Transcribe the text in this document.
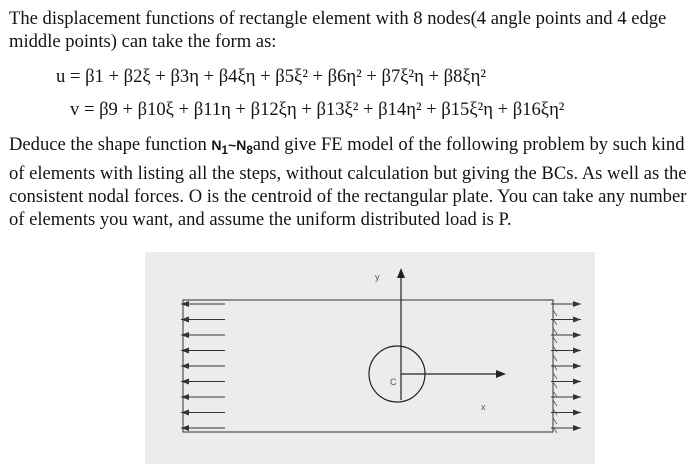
The displacement functions of rectangle element with 8 nodes(4 angle points and 4 edge middle points) can take the form as:

u = β1 + β2ξ + β3η + β4ξη + β5ξ² + β6η² + β7ξ²η + β8ξη²
v = β9 + β10ξ + β11η + β12ξη + β13ξ² + β14η² + β15ξ²η + β16ξη²

Deduce the shape function $N_1\sim N_8and$ give FE model of the following problem by such kind of elements with listing all the steps, without calculation but giving the BCs. As well as the consistent nodal forces. O is the centroid of the rectangular plate. You can take any number of elements you want, and assume the uniform distributed load is P.

y
x
C
